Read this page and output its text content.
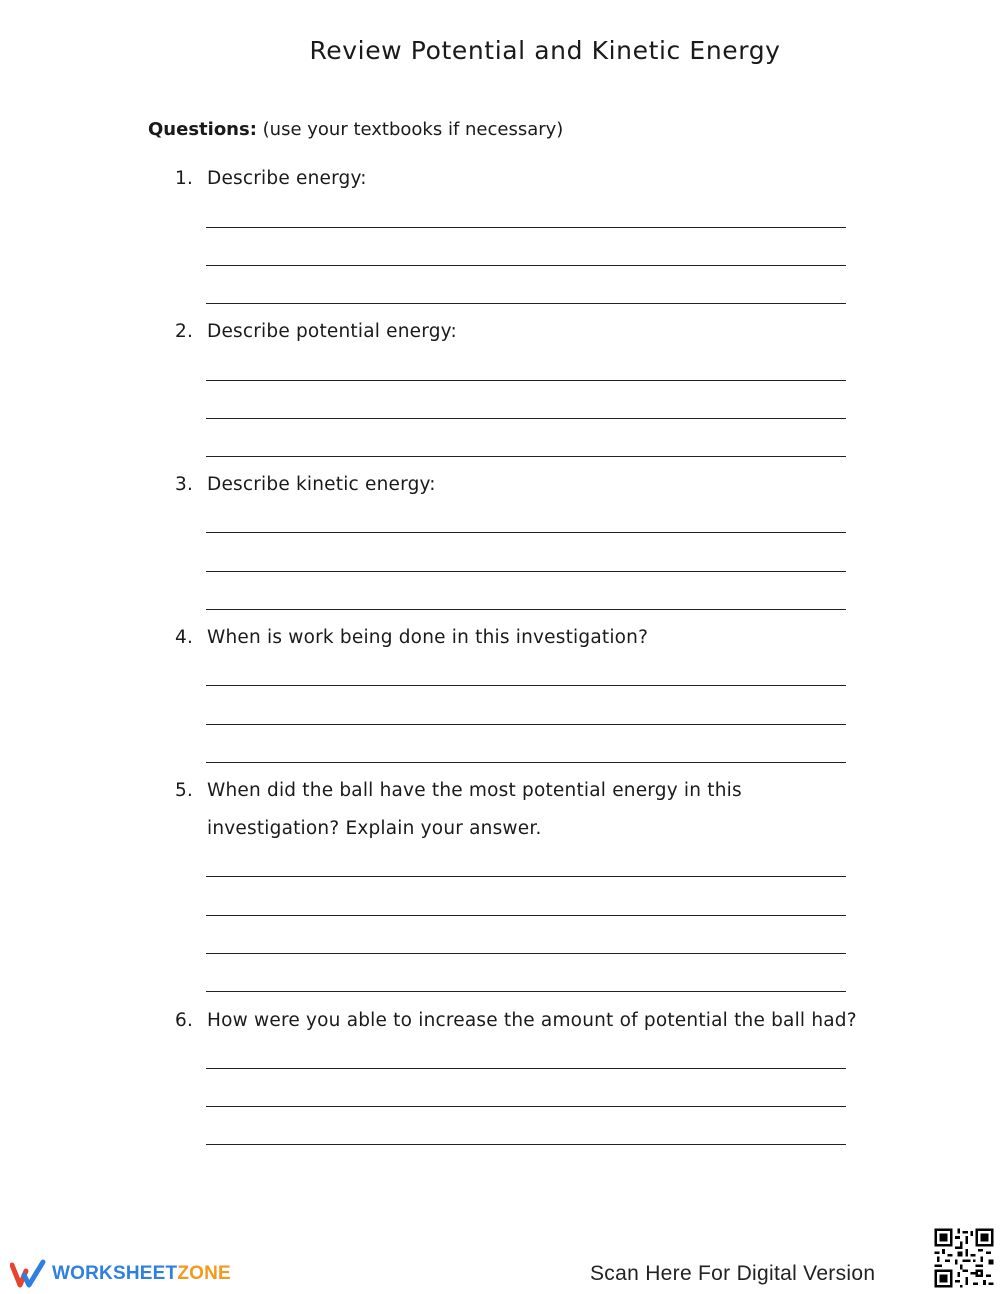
Review Potential and Kinetic Energy
Questions: (use your textbooks if necessary)
1. Describe energy:
2. Describe potential energy:
3. Describe kinetic energy:
4. When is work being done in this investigation?
5. When did the ball have the most potential energy in this
investigation? Explain your answer.
6. How were you able to increase the amount of potential the ball had?
WORKSHEETZONE	Scan Here For Digital Version
